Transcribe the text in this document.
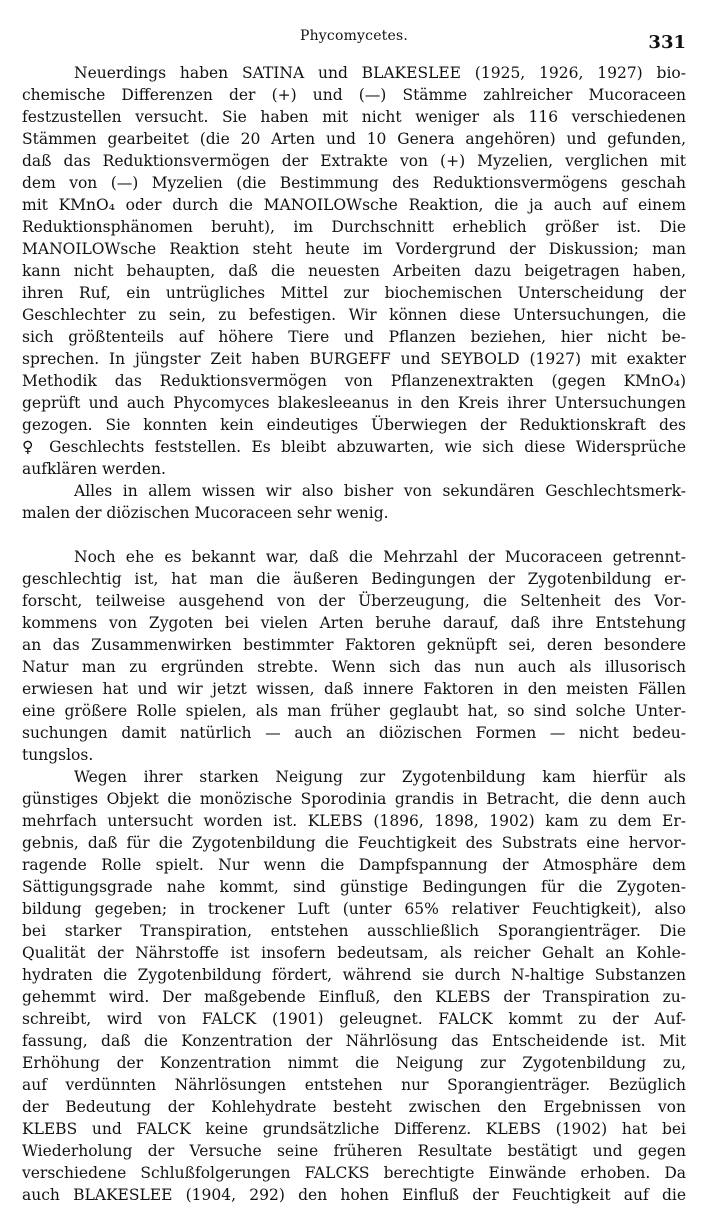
Phycomycetes.	331
Neuerdings haben SATINA und BLAKESLEE (1925, 1926, 1927) bio-
chemische Differenzen der (+) und (—) Stämme zahlreicher Mucoraceen
festzustellen versucht. Sie haben mit nicht weniger als 116 verschiedenen
Stämmen gearbeitet (die 20 Arten und 10 Genera angehören) und gefunden,
daß das Reduktionsvermögen der Extrakte von (+) Myzelien, verglichen mit
dem von (—) Myzelien (die Bestimmung des Reduktionsvermögens geschah
mit KMnO₄ oder durch die MANOILOWsche Reaktion, die ja auch auf einem
Reduktionsphänomen beruht), im Durchschnitt erheblich größer ist. Die
MANOILOWsche Reaktion steht heute im Vordergrund der Diskussion; man
kann nicht behaupten, daß die neuesten Arbeiten dazu beigetragen haben,
ihren Ruf, ein untrügliches Mittel zur biochemischen Unterscheidung der
Geschlechter zu sein, zu befestigen. Wir können diese Untersuchungen, die
sich größtenteils auf höhere Tiere und Pflanzen beziehen, hier nicht be-
sprechen. In jüngster Zeit haben BURGEFF und SEYBOLD (1927) mit exakter
Methodik das Reduktionsvermögen von Pflanzenextrakten (gegen KMnO₄)
geprüft und auch Phycomyces blakesleeanus in den Kreis ihrer Untersuchungen
gezogen. Sie konnten kein eindeutiges Überwiegen der Reduktionskraft des
♀ Geschlechts feststellen. Es bleibt abzuwarten, wie sich diese Widersprüche
aufklären werden.
Alles in allem wissen wir also bisher von sekundären Geschlechtsmerk-
malen der diözischen Mucoraceen sehr wenig.
Noch ehe es bekannt war, daß die Mehrzahl der Mucoraceen getrennt-
geschlechtig ist, hat man die äußeren Bedingungen der Zygotenbildung er-
forscht, teilweise ausgehend von der Überzeugung, die Seltenheit des Vor-
kommens von Zygoten bei vielen Arten beruhe darauf, daß ihre Entstehung
an das Zusammenwirken bestimmter Faktoren geknüpft sei, deren besondere
Natur man zu ergründen strebte. Wenn sich das nun auch als illusorisch
erwiesen hat und wir jetzt wissen, daß innere Faktoren in den meisten Fällen
eine größere Rolle spielen, als man früher geglaubt hat, so sind solche Unter-
suchungen damit natürlich — auch an diözischen Formen — nicht bedeu-
tungslos.
Wegen ihrer starken Neigung zur Zygotenbildung kam hierfür als
günstiges Objekt die monözische Sporodinia grandis in Betracht, die denn auch
mehrfach untersucht worden ist. KLEBS (1896, 1898, 1902) kam zu dem Er-
gebnis, daß für die Zygotenbildung die Feuchtigkeit des Substrats eine hervor-
ragende Rolle spielt. Nur wenn die Dampfspannung der Atmosphäre dem
Sättigungsgrade nahe kommt, sind günstige Bedingungen für die Zygoten-
bildung gegeben; in trockener Luft (unter 65% relativer Feuchtigkeit), also
bei starker Transpiration, entstehen ausschließlich Sporangienträger. Die
Qualität der Nährstoffe ist insofern bedeutsam, als reicher Gehalt an Kohle-
hydraten die Zygotenbildung fördert, während sie durch N-haltige Substanzen
gehemmt wird. Der maßgebende Einfluß, den KLEBS der Transpiration zu-
schreibt, wird von FALCK (1901) geleugnet. FALCK kommt zu der Auf-
fassung, daß die Konzentration der Nährlösung das Entscheidende ist. Mit
Erhöhung der Konzentration nimmt die Neigung zur Zygotenbildung zu,
auf verdünnten Nährlösungen entstehen nur Sporangienträger. Bezüglich
der Bedeutung der Kohlehydrate besteht zwischen den Ergebnissen von
KLEBS und FALCK keine grundsätzliche Differenz. KLEBS (1902) hat bei
Wiederholung der Versuche seine früheren Resultate bestätigt und gegen
verschiedene Schlußfolgerungen FALCKS berechtigte Einwände erhoben. Da
auch BLAKESLEE (1904, 292) den hohen Einfluß der Feuchtigkeit auf die
